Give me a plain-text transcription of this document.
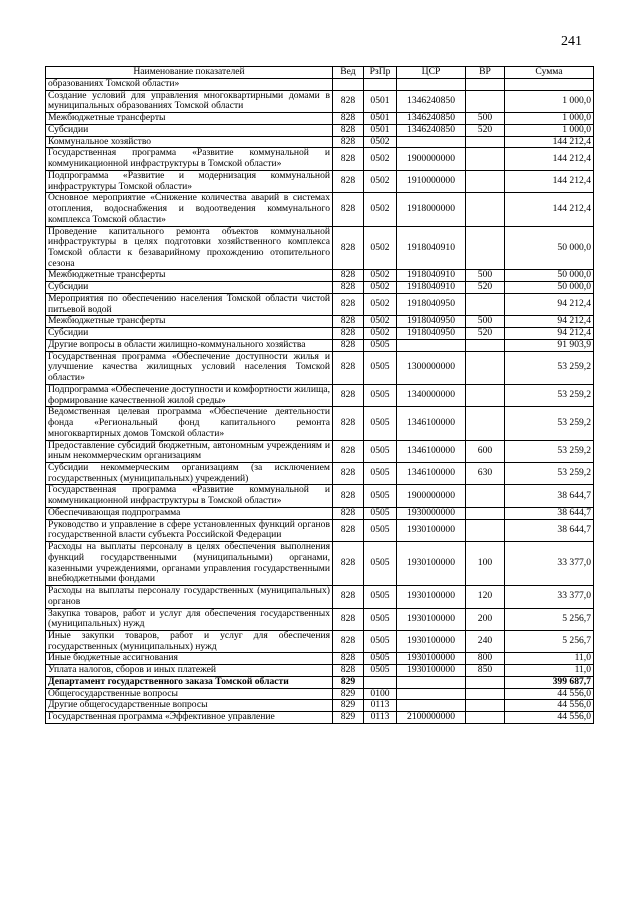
241
Наименование показателей	Вед	РзПр	ЦСР	ВР	Сумма
образованиях Томской области»					
Создание условий для управления многоквартирными домами в муниципальных образованиях Томской области	828	0501	1346240850		1 000,0
Межбюджетные трансферты	828	0501	1346240850	500	1 000,0
Субсидии	828	0501	1346240850	520	1 000,0
Коммунальное хозяйство	828	0502			144 212,4
Государственная программа «Развитие коммунальной и коммуникационной инфраструктуры в Томской области»	828	0502	1900000000		144 212,4
Подпрограмма «Развитие и модернизация коммунальной инфраструктуры Томской области»	828	0502	1910000000		144 212,4
Основное мероприятие «Снижение количества аварий в системах отопления, водоснабжения и водоотведения коммунального комплекса Томской области»	828	0502	1918000000		144 212,4
Проведение капитального ремонта объектов коммунальной инфраструктуры в целях подготовки хозяйственного комплекса Томской области к безаварийному прохождению отопительного сезона	828	0502	1918040910		50 000,0
Межбюджетные трансферты	828	0502	1918040910	500	50 000,0
Субсидии	828	0502	1918040910	520	50 000,0
Мероприятия по обеспечению населения Томской области чистой питьевой водой	828	0502	1918040950		94 212,4
Межбюджетные трансферты	828	0502	1918040950	500	94 212,4
Субсидии	828	0502	1918040950	520	94 212,4
Другие вопросы в области жилищно-коммунального хозяйства	828	0505			91 903,9
Государственная программа «Обеспечение доступности жилья и улучшение качества жилищных условий населения Томской области»	828	0505	1300000000		53 259,2
Подпрограмма «Обеспечение доступности и комфортности жилища, формирование качественной жилой среды»	828	0505	1340000000		53 259,2
Ведомственная целевая программа «Обеспечение деятельности фонда «Региональный фонд капитального ремонта многоквартирных домов Томской области»	828	0505	1346100000		53 259,2
Предоставление субсидий бюджетным, автономным учреждениям и иным некоммерческим организациям	828	0505	1346100000	600	53 259,2
Субсидии некоммерческим организациям (за исключением государственных (муниципальных) учреждений)	828	0505	1346100000	630	53 259,2
Государственная программа «Развитие коммунальной и коммуникационной инфраструктуры в Томской области»	828	0505	1900000000		38 644,7
Обеспечивающая подпрограмма	828	0505	1930000000		38 644,7
Руководство и управление в сфере установленных функций органов государственной власти субъекта Российской Федерации	828	0505	1930100000		38 644,7
Расходы на выплаты персоналу в целях обеспечения выполнения функций государственными (муниципальными) органами, казенными учреждениями, органами управления государственными внебюджетными фондами	828	0505	1930100000	100	33 377,0
Расходы на выплаты персоналу государственных (муниципальных) органов	828	0505	1930100000	120	33 377,0
Закупка товаров, работ и услуг для обеспечения государственных (муниципальных) нужд	828	0505	1930100000	200	5 256,7
Иные закупки товаров, работ и услуг для обеспечения государственных (муниципальных) нужд	828	0505	1930100000	240	5 256,7
Иные бюджетные ассигнования	828	0505	1930100000	800	11,0
Уплата налогов, сборов и иных платежей	828	0505	1930100000	850	11,0
Департамент государственного заказа Томской области	829				399 687,7
Общегосударственные вопросы	829	0100			44 556,0
Другие общегосударственные вопросы	829	0113			44 556,0
Государственная программа «Эффективное управление	829	0113	2100000000		44 556,0
